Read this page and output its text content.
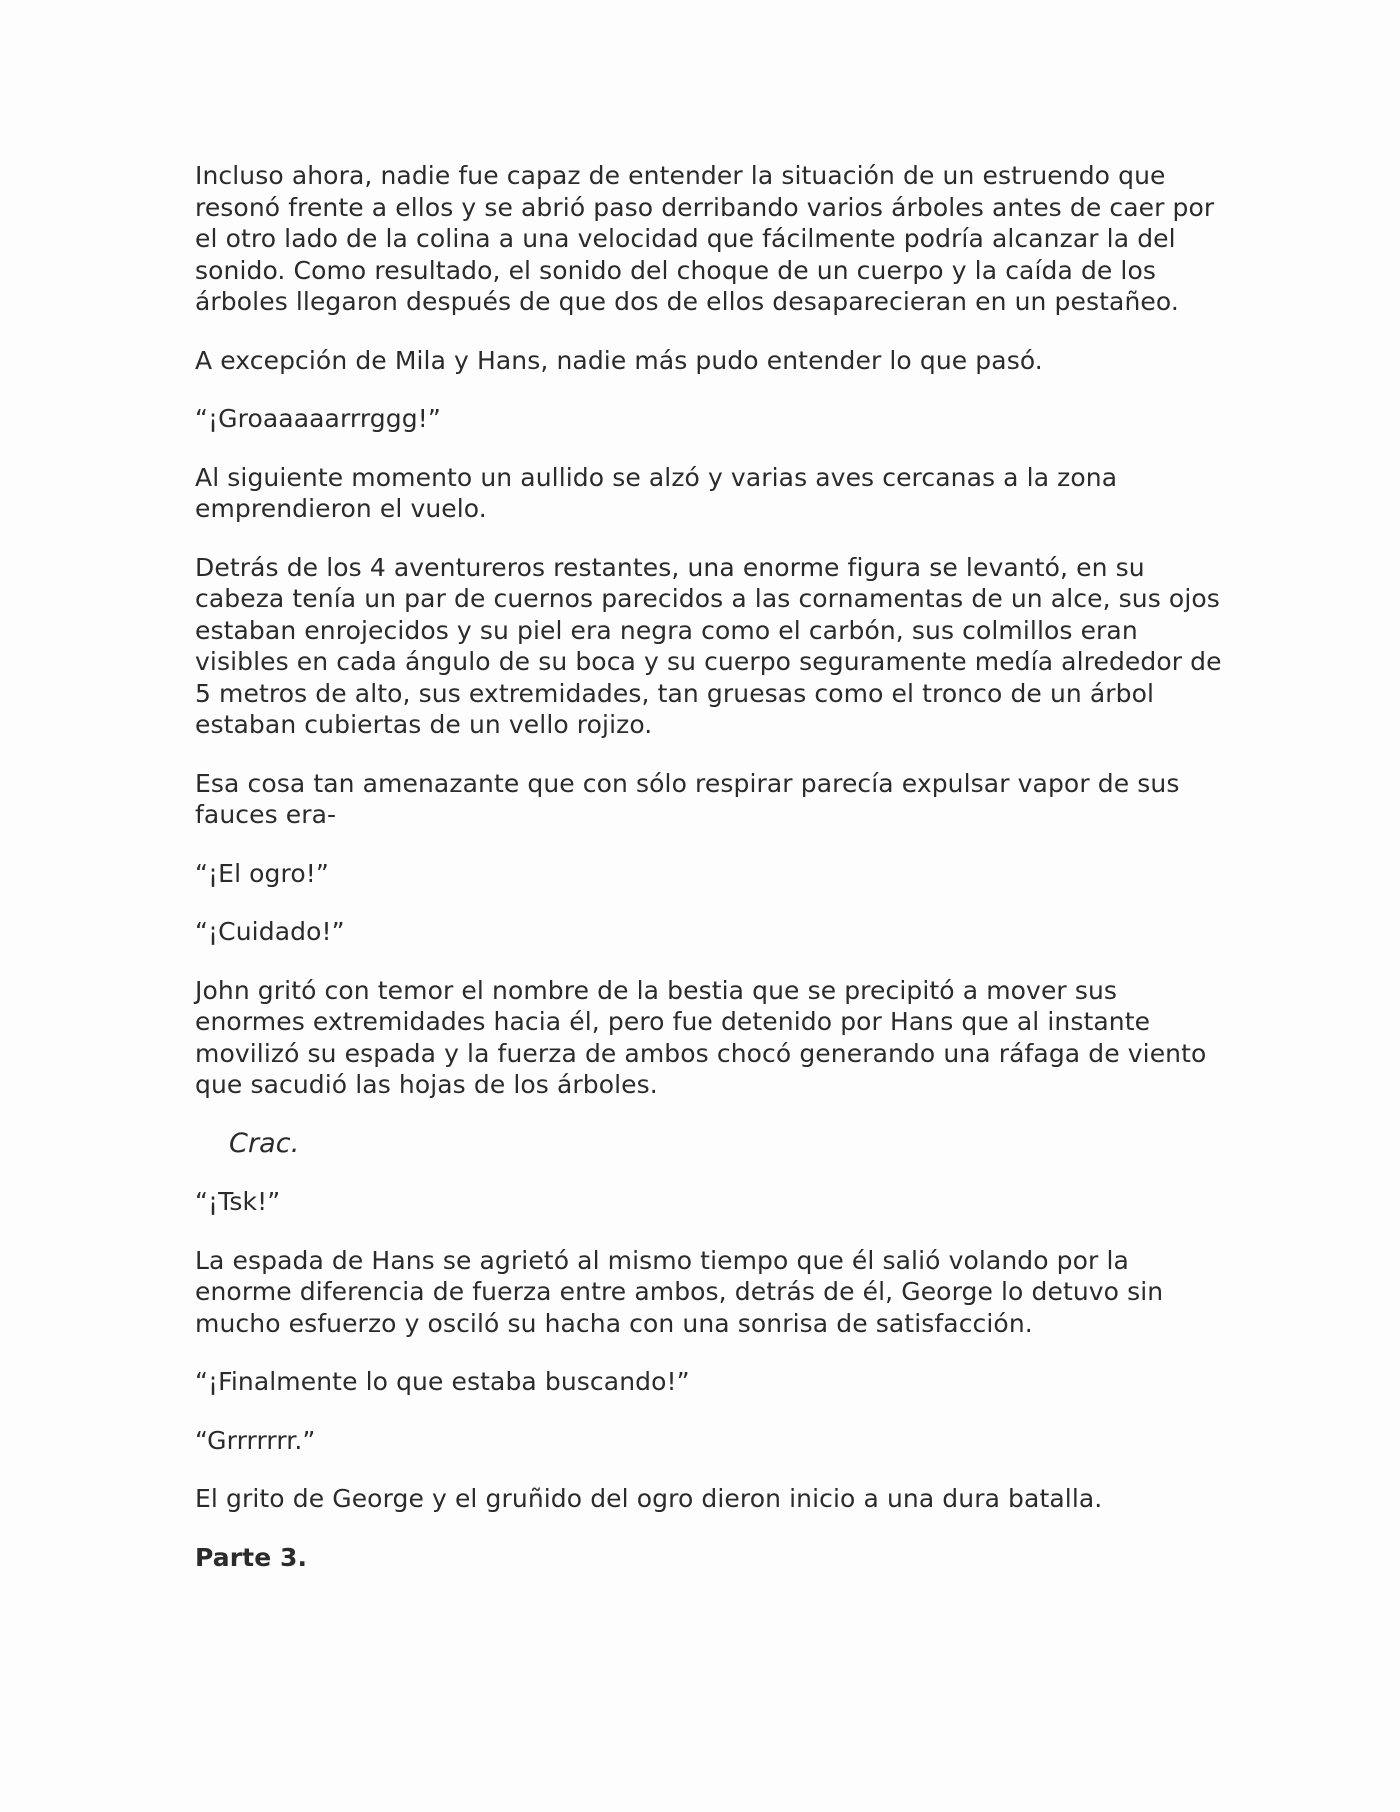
Incluso ahora, nadie fue capaz de entender la situación de un estruendo que resonó frente a ellos y se abrió paso derribando varios árboles antes de caer por el otro lado de la colina a una velocidad que fácilmente podría alcanzar la del sonido. Como resultado, el sonido del choque de un cuerpo y la caída de los árboles llegaron después de que dos de ellos desaparecieran en un pestañeo.

A excepción de Mila y Hans, nadie más pudo entender lo que pasó.

“¡Groaaaaarrrggg!”

Al siguiente momento un aullido se alzó y varias aves cercanas a la zona emprendieron el vuelo.

Detrás de los 4 aventureros restantes, una enorme figura se levantó, en su cabeza tenía un par de cuernos parecidos a las cornamentas de un alce, sus ojos estaban enrojecidos y su piel era negra como el carbón, sus colmillos eran visibles en cada ángulo de su boca y su cuerpo seguramente medía alrededor de 5 metros de alto, sus extremidades, tan gruesas como el tronco de un árbol estaban cubiertas de un vello rojizo.

Esa cosa tan amenazante que con sólo respirar parecía expulsar vapor de sus fauces era-

“¡El ogro!”

“¡Cuidado!”

John gritó con temor el nombre de la bestia que se precipitó a mover sus enormes extremidades hacia él, pero fue detenido por Hans que al instante movilizó su espada y la fuerza de ambos chocó generando una ráfaga de viento que sacudió las hojas de los árboles.

Crac.

“¡Tsk!”

La espada de Hans se agrietó al mismo tiempo que él salió volando por la enorme diferencia de fuerza entre ambos, detrás de él, George lo detuvo sin mucho esfuerzo y osciló su hacha con una sonrisa de satisfacción.

“¡Finalmente lo que estaba buscando!”

“Grrrrrrr.”

El grito de George y el gruñido del ogro dieron inicio a una dura batalla.

Parte 3.
